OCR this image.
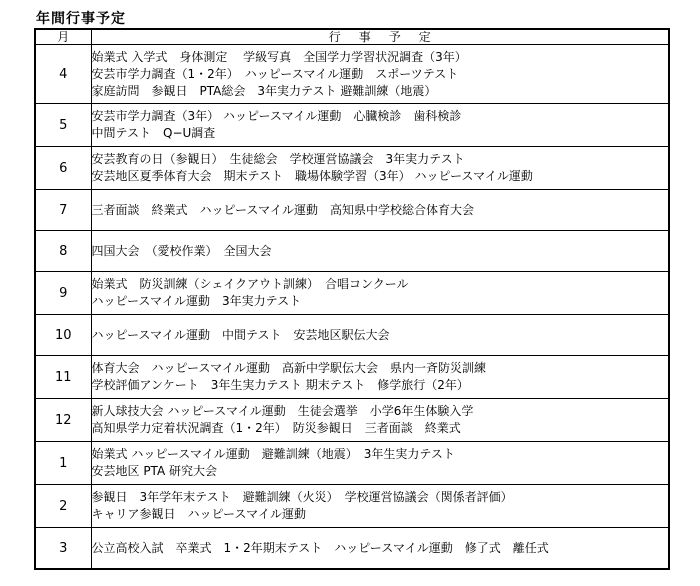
年間行事予定
月	行事予定
4	始業式 入学式　身体測定　 学級写真　全国学力学習状況調査（3年）
安芸市学力調査（1・2年）　ハッピースマイル運動　スポーツテスト
家庭訪問　参観日　PTA総会　3年実力テスト 避難訓練（地震）

5	安芸市学力調査（3年） ハッピースマイル運動　心臓検診　歯科検診
中間テスト　Q−U調査

6	安芸教育の日（参観日）　生徒総会　学校運営協議会　3年実力テスト
安芸地区夏季体育大会　期末テスト　職場体験学習（3年） ハッピースマイル運動

7	三者面談　終業式　ハッピースマイル運動　高知県中学校総合体育大会

8	四国大会　（愛校作業）　全国大会

9	始業式　防災訓練（シェイクアウト訓練）　合唱コンクール
ハッピースマイル運動　3年実力テスト

10	ハッピースマイル運動　中間テスト　安芸地区駅伝大会

11	体育大会　ハッピースマイル運動　高新中学駅伝大会　県内一斉防災訓練
学校評価アンケート　3年生実力テスト 期末テスト　修学旅行（2年）

12	新人球技大会 ハッピースマイル運動　生徒会選挙　小学6年生体験入学
高知県学力定着状況調査（1・2年）　防災参観日　三者面談　終業式

1	始業式 ハッピースマイル運動　避難訓練（地震）　3年生実力テスト
安芸地区 PTA 研究大会

2	参観日　3年学年末テスト　避難訓練（火災）　学校運営協議会（関係者評価）
キャリア参観日　ハッピースマイル運動

3	公立高校入試　卒業式　1・2年期末テスト　ハッピースマイル運動　修了式　離任式
